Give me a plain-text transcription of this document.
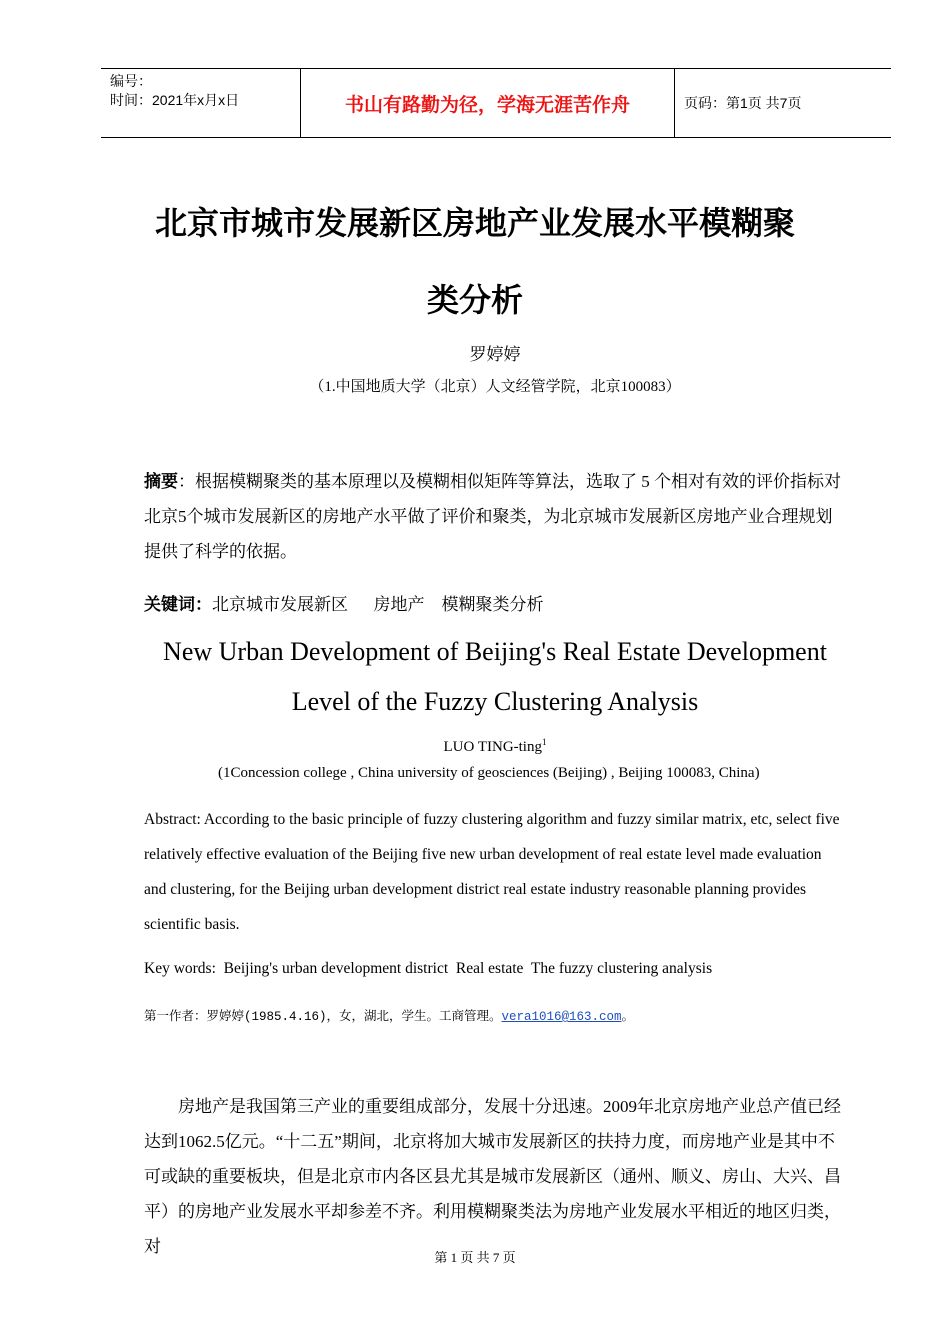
编号：
时间：2021年x月x日	书山有路勤为径，学海无涯苦作舟	页码：第1页 共7页
北京市城市发展新区房地产业发展水平模糊聚
类分析
罗婷婷
（1.中国地质大学（北京）人文经管学院，北京100083）
摘要：根据模糊聚类的基本原理以及模糊相似矩阵等算法，选取了 5 个相对有效的评价指标对北京5个城市发展新区的房地产水平做了评价和聚类，为北京城市发展新区房地产业合理规划提供了科学的依据。
关键词：北京城市发展新区      房地产    模糊聚类分析
New Urban Development of Beijing's Real Estate Development
Level of the Fuzzy Clustering Analysis
LUO TING-ting$^1$
(1Concession college , China university of geosciences (Beijing) , Beijing 100083, China)
Abstract: According to the basic principle of fuzzy clustering algorithm and fuzzy similar matrix, etc, select five relatively effective evaluation of the Beijing five new urban development of real estate level made evaluation and clustering, for the Beijing urban development district real estate industry reasonable planning provides scientific basis.
Key words:  Beijing's urban development district  Real estate  The fuzzy clustering analysis
第一作者：罗婷婷(1985.4.16)，女，湖北，学生。工商管理。vera1016@163.com。
房地产是我国第三产业的重要组成部分，发展十分迅速。2009年北京房地产业总产值已经达到1062.5亿元。“十二五”期间，北京将加大城市发展新区的扶持力度，而房地产业是其中不可或缺的重要板块，但是北京市内各区县尤其是城市发展新区（通州、顺义、房山、大兴、昌平）的房地产业发展水平却参差不齐。利用模糊聚类法为房地产业发展水平相近的地区归类，对
第 1 页 共 7 页
